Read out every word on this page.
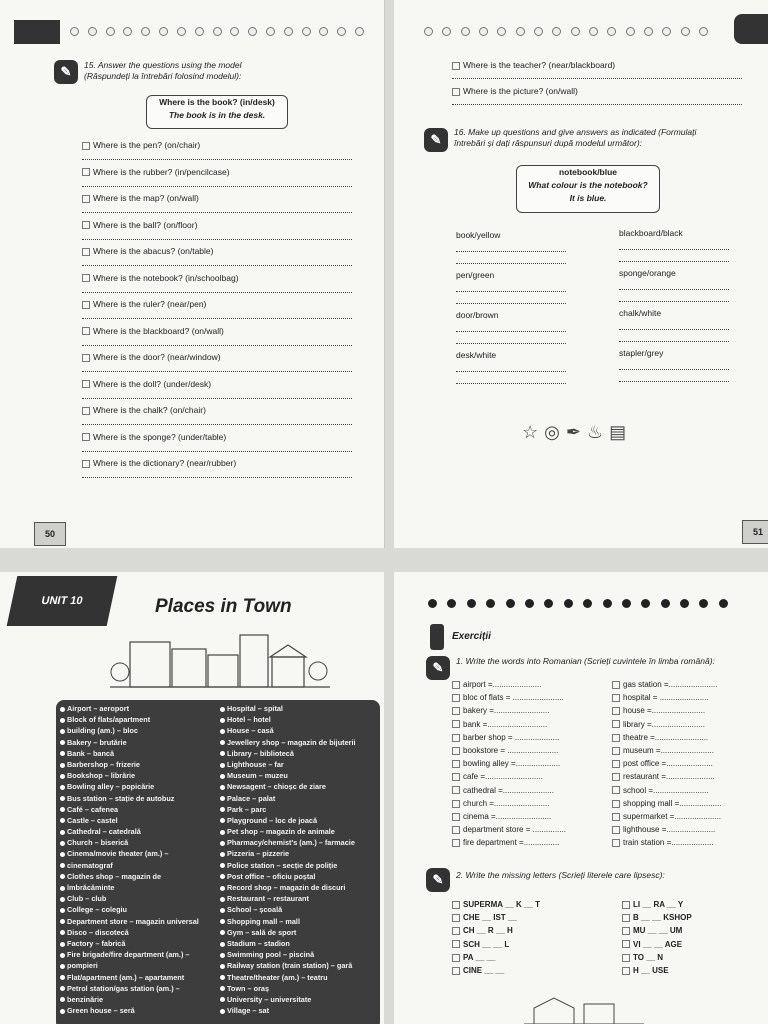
✎	15. Answer the questions using the model
(Răspundeți la întrebări folosind modelul):
Where is the book? (in/desk)
The book is in the desk.
Where is the pen? (on/chair)
Where is the rubber? (in/pencilcase)
Where is the map? (on/wall)
Where is the ball? (on/floor)
Where is the abacus? (on/table)
Where is the notebook? (in/schoolbag)
Where is the ruler? (near/pen)
Where is the blackboard? (on/wall)
Where is the door? (near/window)
Where is the doll? (under/desk)
Where is the chalk? (on/chair)
Where is the sponge? (under/table)
Where is the dictionary? (near/rubber)
50
Where is the teacher? (near/blackboard)
Where is the picture? (on/wall)
✎	16. Make up questions and give answers as indicated (Formulați
întrebări și dați răspunsuri după modelul următor):
notebook/blue
What colour is the notebook?
It is blue.
book/yellow
pen/green
door/brown
desk/white
blackboard/black
sponge/orange
chalk/white
stapler/grey
☆ ◎ ✒ ♨ ▤
51
UNIT 10	Places in Town
Airport – aeroport
Block of flats/apartment
building (am.) – bloc
Bakery – brutărie
Bank – bancă
Barbershop – frizerie
Bookshop – librărie
Bowling alley – popicărie
Bus station – stație de autobuz
Café – cafenea
Castle – castel
Cathedral – catedrală
Church – biserică
Cinema/movie theater (am.) –
cinematograf
Clothes shop – magazin de
îmbrăcăminte
Club – club
College – colegiu
Department store – magazin universal
Disco – discotecă
Factory – fabrică
Fire brigade/fire department (am.) –
pompieri
Flat/apartment (am.) – apartament
Petrol station/gas station (am.) –
benzinărie
Green house – seră
Hospital – spital
Hotel – hotel
House – casă
Jewellery shop – magazin de bijuterii
Library – bibliotecă
Lighthouse – far
Museum – muzeu
Newsagent – chioșc de ziare
Palace – palat
Park – parc
Playground – loc de joacă
Pet shop – magazin de animale
Pharmacy/chemist's (am.) – farmacie
Pizzeria – pizzerie
Police station – secție de poliție
Post office – oficiu poștal
Record shop – magazin de discuri
Restaurant – restaurant
School – școală
Shopping mall – mall
Gym – sală de sport
Stadium – stadion
Swimming pool – piscină
Railway station (train station) – gară
Theatre/theater (am.) – teatru
Town – oraș
University – universitate
Village – sat
Exerciții
✎	1. Write the words into Romanian (Scrieți cuvintele în limba română):
airport =......................
bloc of flats = .......................
bakery =.........................
bank =...........................
barber shop = ....................
bookstore = .......................
bowling alley =....................
cafe =..........................
cathedral =.......................
church =.........................
cinema =.........................
department store = ...............
fire department =................
gas station =......................
hospital = ......................
house =........................
library =........................
theatre =........................
museum =........................
post office =.....................
restaurant =......................
school =.........................
shopping mall =...................
supermarket =.....................
lighthouse =......................
train station =...................
✎	2. Write the missing letters (Scrieți literele care lipsesc):
SUPERMA __ K __ T
CHE __ IST __
CH __ R __ H
SCH __ __ L
PA __ __
CINE __ __
LI __ RA __ Y
B __ __ KSHOP
MU __ __ UM
VI __ __ AGE
TO __ N
H __ USE
